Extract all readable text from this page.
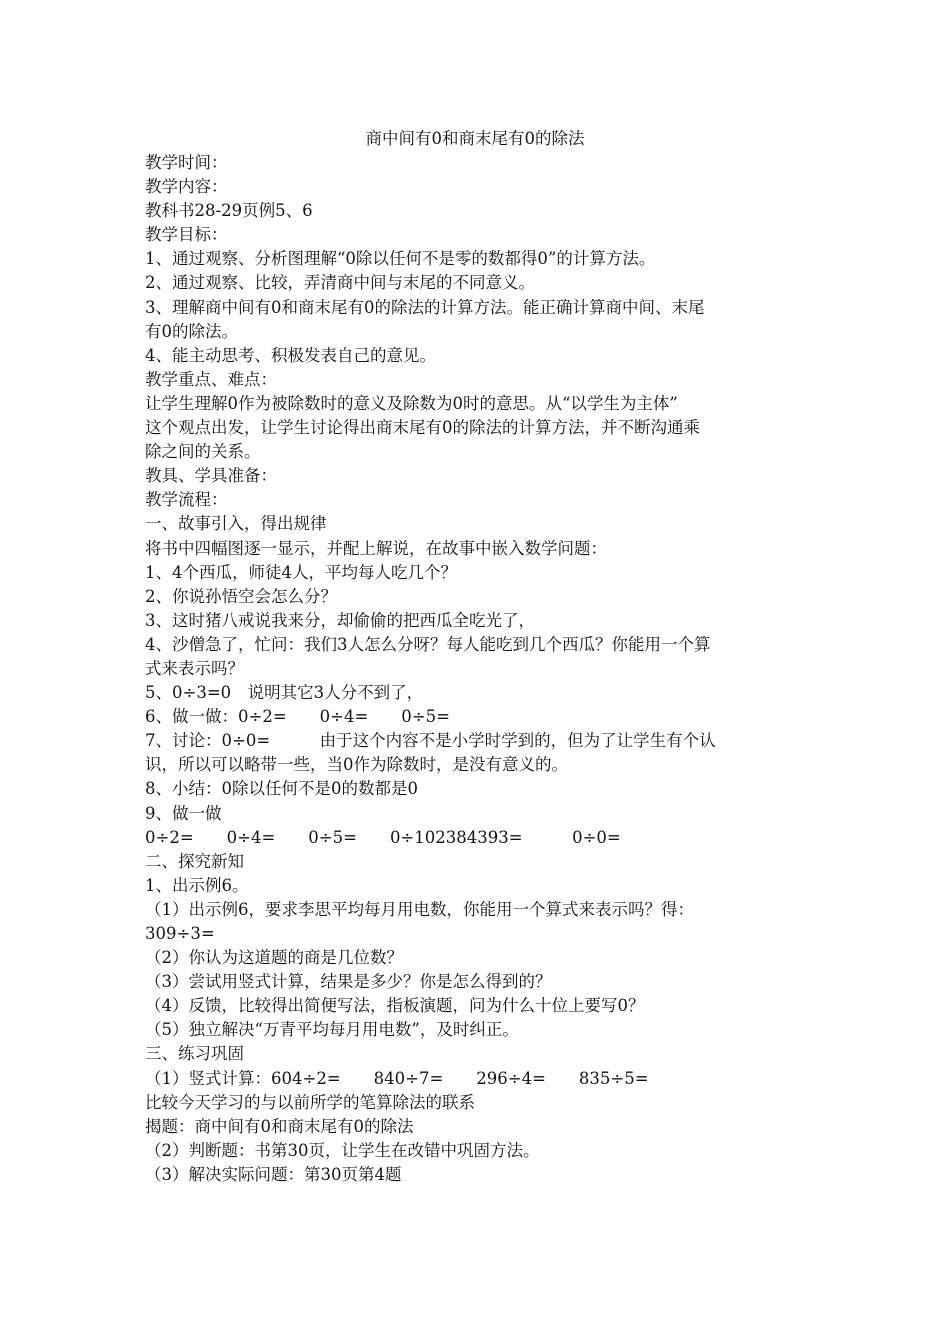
商中间有0和商末尾有0的除法
教学时间：
教学内容：
教科书28-29页例5、6
教学目标：
1、通过观察、分析图理解“0除以任何不是零的数都得0”的计算方法。
2、通过观察、比较，弄清商中间与末尾的不同意义。
3、理解商中间有0和商末尾有0的除法的计算方法。能正确计算商中间、末尾
有0的除法。
4、能主动思考、积极发表自己的意见。
教学重点、难点：
让学生理解0作为被除数时的意义及除数为0时的意思。从“以学生为主体”
这个观点出发，让学生讨论得出商末尾有0的除法的计算方法，并不断沟通乘
除之间的关系。
教具、学具准备：
教学流程：
一、故事引入，得出规律
将书中四幅图逐一显示，并配上解说，在故事中嵌入数学问题：
1、4个西瓜，师徒4人，平均每人吃几个？
2、你说孙悟空会怎么分？
3、这时猪八戒说我来分，却偷偷的把西瓜全吃光了，
4、沙僧急了，忙问：我们3人怎么分呀？每人能吃到几个西瓜？你能用一个算
式来表示吗？
5、0÷3=0　说明其它3人分不到了，
6、做一做：0÷2=　　0÷4=　　0÷5=
7、讨论：0÷0=　　　由于这个内容不是小学时学到的，但为了让学生有个认
识，所以可以略带一些，当0作为除数时，是没有意义的。
8、小结：0除以任何不是0的数都是0
9、做一做
0÷2=　　0÷4=　　0÷5=　　0÷102384393=　　　0÷0=
二、探究新知
1、出示例6。
（1）出示例6，要求李思平均每月用电数，你能用一个算式来表示吗？得：
309÷3=
（2）你认为这道题的商是几位数？
（3）尝试用竖式计算，结果是多少？你是怎么得到的？
（4）反馈，比较得出简便写法，指板演题，问为什么十位上要写0？
（5）独立解决“万青平均每月用电数”，及时纠正。
三、练习巩固
（1）竖式计算：604÷2=　　840÷7=　　296÷4=　　835÷5=
比较今天学习的与以前所学的笔算除法的联系
揭题：商中间有0和商末尾有0的除法
（2）判断题：书第30页，让学生在改错中巩固方法。
（3）解决实际问题：第30页第4题
